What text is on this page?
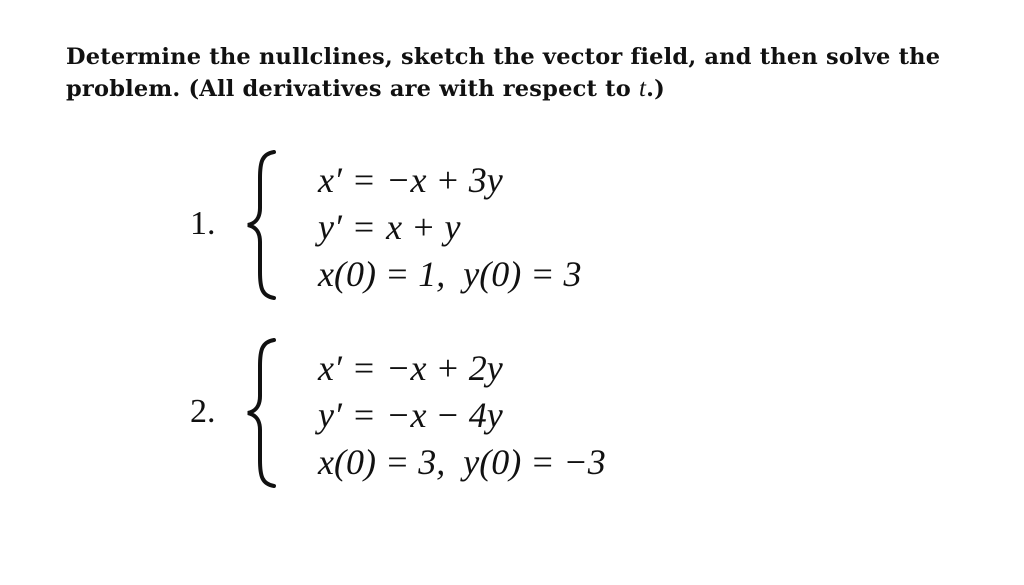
Determine the nullclines, sketch the vector field, and then solve the
problem. (All derivatives are with respect to t.)
1.
x′ = −x + 3y
y′ = x + y
x(0) = 1, y(0) = 3
2.
x′ = −x + 2y
y′ = −x − 4y
x(0) = 3, y(0) = −3
